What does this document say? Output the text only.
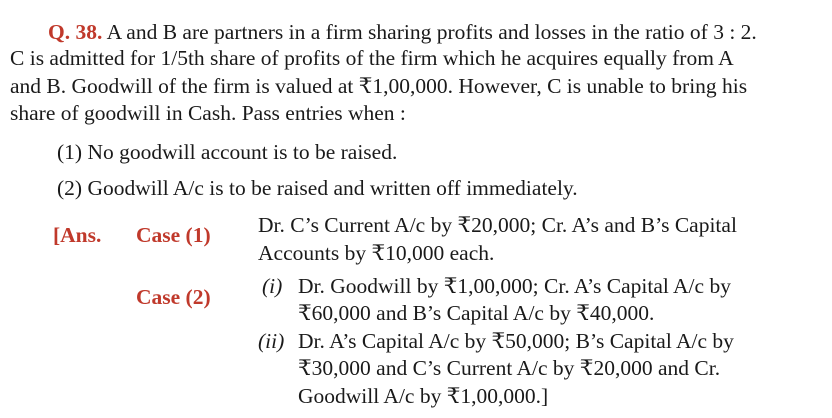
Q. 38. A and B are partners in a firm sharing profits and losses in the ratio of 3 : 2.
C is admitted for 1/5th share of profits of the firm which he acquires equally from A
and B. Goodwill of the firm is valued at ₹1,00,000. However, C is unable to bring his
share of goodwill in Cash. Pass entries when :
(1) No goodwill account is to be raised.
(2) Goodwill A/c is to be raised and written off immediately.
[Ans. Case (1) Dr. C’s Current A/c by ₹20,000; Cr. A’s and B’s Capital
Accounts by ₹10,000 each.
Case (2) (i) Dr. Goodwill by ₹1,00,000; Cr. A’s Capital A/c by
₹60,000 and B’s Capital A/c by ₹40,000.
(ii) Dr. A’s Capital A/c by ₹50,000; B’s Capital A/c by
₹30,000 and C’s Current A/c by ₹20,000 and Cr.
Goodwill A/c by ₹1,00,000.]
